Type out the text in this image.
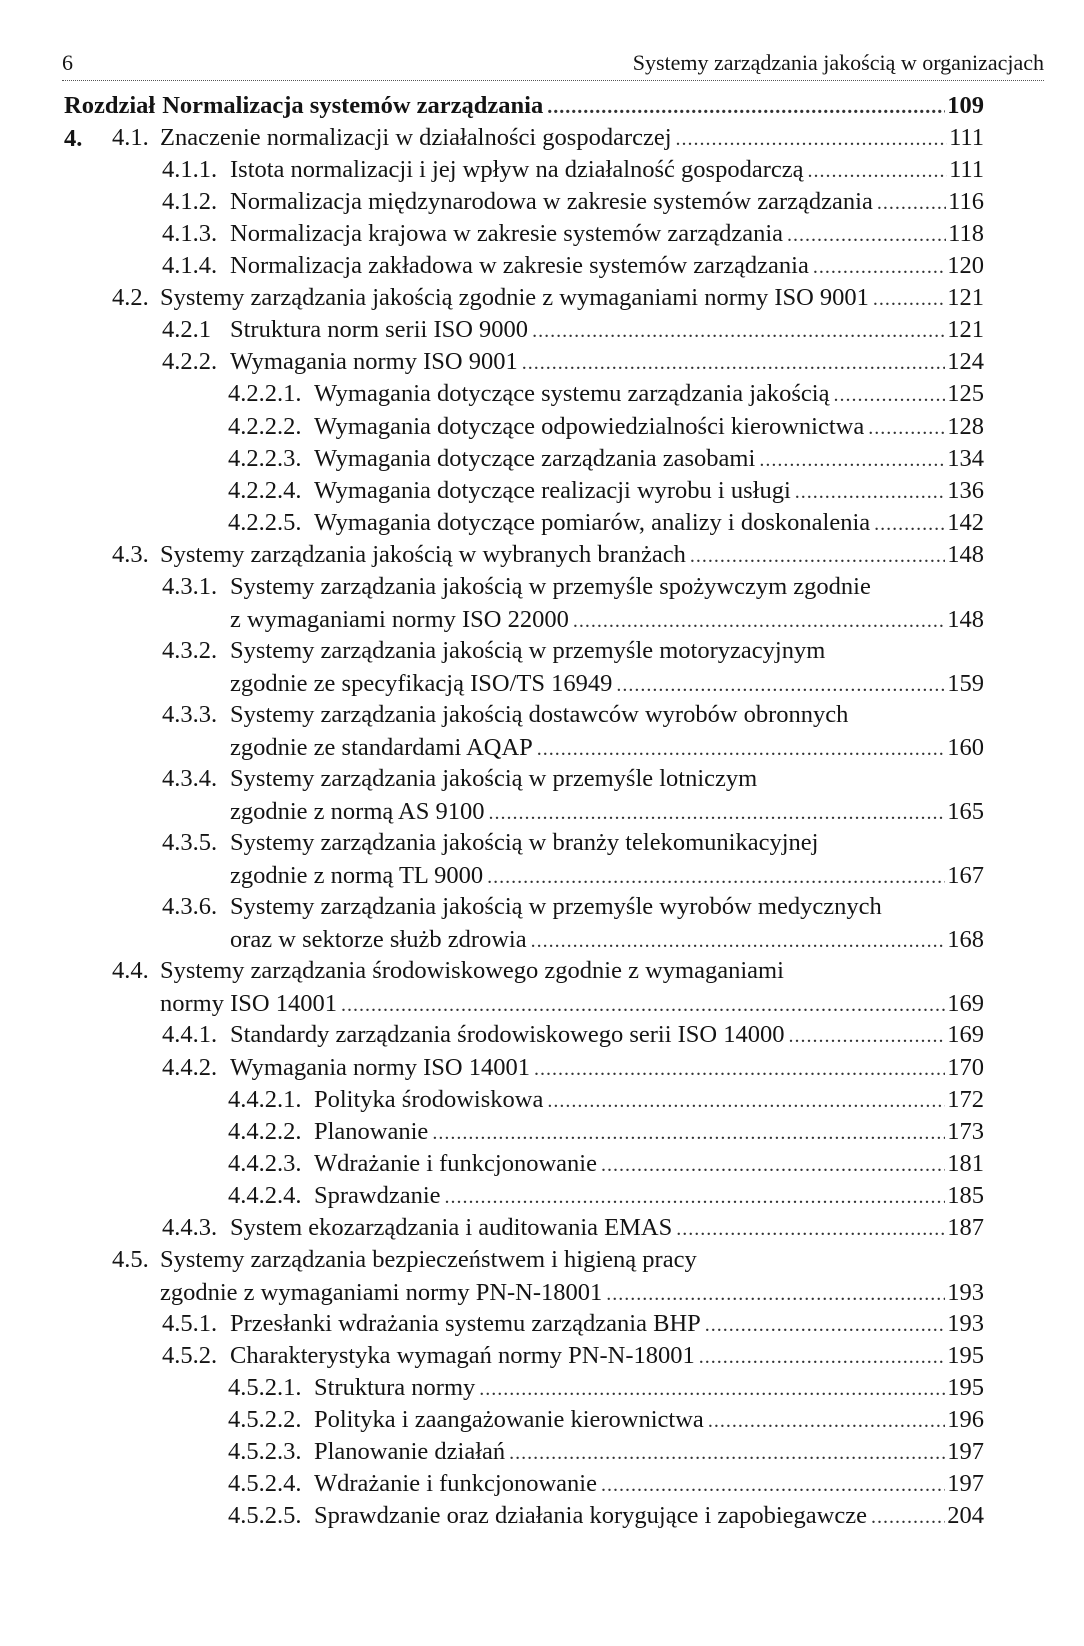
6	Systemy zarządzania jakością w organizacjach
Rozdział 4.
Normalizacja systemów zarządzania .....	109
4.1. Znaczenie normalizacji w działalności gospodarczej .....	111
4.1.1. Istota normalizacji i jej wpływ na działalność gospodarczą .....	111
4.1.2. Normalizacja międzynarodowa w zakresie systemów zarządzania .....	116
4.1.3. Normalizacja krajowa w zakresie systemów zarządzania .....	118
4.1.4. Normalizacja zakładowa w zakresie systemów zarządzania .....	120
4.2. Systemy zarządzania jakością zgodnie z wymaganiami normy ISO 9001 .....	121
4.2.1 Struktura norm serii ISO 9000 .....	121
4.2.2. Wymagania normy ISO 9001 .....	124
4.2.2.1. Wymagania dotyczące systemu zarządzania jakością .....	125
4.2.2.2. Wymagania dotyczące odpowiedzialności kierownictwa .....	128
4.2.2.3. Wymagania dotyczące zarządzania zasobami .....	134
4.2.2.4. Wymagania dotyczące realizacji wyrobu i usługi .....	136
4.2.2.5. Wymagania dotyczące pomiarów, analizy i doskonalenia .....	142
4.3. Systemy zarządzania jakością w wybranych branżach .....	148
4.3.1. Systemy zarządzania jakością w przemyśle spożywczym zgodnie
z wymaganiami normy ISO 22000 .....	148
4.3.2. Systemy zarządzania jakością w przemyśle motoryzacyjnym
zgodnie ze specyfikacją ISO/TS 16949 .....	159
4.3.3. Systemy zarządzania jakością dostawców wyrobów obronnych
zgodnie ze standardami AQAP .....	160
4.3.4. Systemy zarządzania jakością w przemyśle lotniczym
zgodnie z normą AS 9100 .....	165
4.3.5. Systemy zarządzania jakością w branży telekomunikacyjnej
zgodnie z normą TL 9000 .....	167
4.3.6. Systemy zarządzania jakością w przemyśle wyrobów medycznych
oraz w sektorze służb zdrowia .....	168
4.4. Systemy zarządzania środowiskowego zgodnie z wymaganiami
normy ISO 14001 .....	169
4.4.1. Standardy zarządzania środowiskowego serii ISO 14000 .....	169
4.4.2. Wymagania normy ISO 14001 .....	170
4.4.2.1. Polityka środowiskowa .....	172
4.4.2.2. Planowanie .....	173
4.4.2.3. Wdrażanie i funkcjonowanie .....	181
4.4.2.4. Sprawdzanie .....	185
4.4.3. System ekozarządzania i auditowania EMAS .....	187
4.5. Systemy zarządzania bezpieczeństwem i higieną pracy
zgodnie z wymaganiami normy PN-N-18001 .....	193
4.5.1. Przesłanki wdrażania systemu zarządzania BHP .....	193
4.5.2. Charakterystyka wymagań normy PN-N-18001 .....	195
4.5.2.1. Struktura normy .....	195
4.5.2.2. Polityka i zaangażowanie kierownictwa .....	196
4.5.2.3. Planowanie działań .....	197
4.5.2.4. Wdrażanie i funkcjonowanie .....	197
4.5.2.5. Sprawdzanie oraz działania korygujące i zapobiegawcze .....	204
